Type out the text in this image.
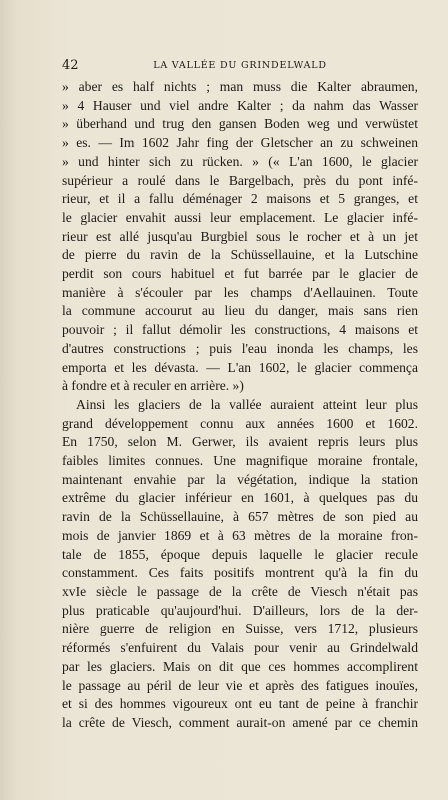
42	LA VALLÉE DU GRINDELWALD
» aber es half nichts ; man muss die Kalter abraumen,
» 4 Hauser und viel andre Kalter ; da nahm das Wasser
» überhand und trug den gansen Boden weg und verwüstet
» es. — Im 1602 Jahr fing der Gletscher an zu schweinen
» und hinter sich zu rücken. » (« L'an 1600, le glacier
supérieur a roulé dans le Bargelbach, près du pont infé-
rieur, et il a fallu déménager 2 maisons et 5 granges, et
le glacier envahit aussi leur emplacement. Le glacier infé-
rieur est allé jusqu'au Burgbiel sous le rocher et à un jet
de pierre du ravin de la Schüssellauine, et la Lutschine
perdit son cours habituel et fut barrée par le glacier de
manière à s'écouler par les champs d'Aellauinen. Toute
la commune accourut au lieu du danger, mais sans rien
pouvoir ; il fallut démolir les constructions, 4 maisons et
d'autres constructions ; puis l'eau inonda les champs, les
emporta et les dévasta. — L'an 1602, le glacier commença
à fondre et à reculer en arrière. »)
Ainsi les glaciers de la vallée auraient atteint leur plus
grand développement connu aux années 1600 et 1602.
En 1750, selon M. Gerwer, ils avaient repris leurs plus
faibles limites connues. Une magnifique moraine frontale,
maintenant envahie par la végétation, indique la station
extrême du glacier inférieur en 1601, à quelques pas du
ravin de la Schüssellauine, à 657 mètres de son pied au
mois de janvier 1869 et à 63 mètres de la moraine fron-
tale de 1855, époque depuis laquelle le glacier recule
constamment. Ces faits positifs montrent qu'à la fin du
xvIe siècle le passage de la crête de Viesch n'était pas
plus praticable qu'aujourd'hui. D'ailleurs, lors de la der-
nière guerre de religion en Suisse, vers 1712, plusieurs
réformés s'enfuirent du Valais pour venir au Grindelwald
par les glaciers. Mais on dit que ces hommes accomplirent
le passage au péril de leur vie et après des fatigues inouïes,
et si des hommes vigoureux ont eu tant de peine à franchir
la crête de Viesch, comment aurait-on amené par ce chemin
